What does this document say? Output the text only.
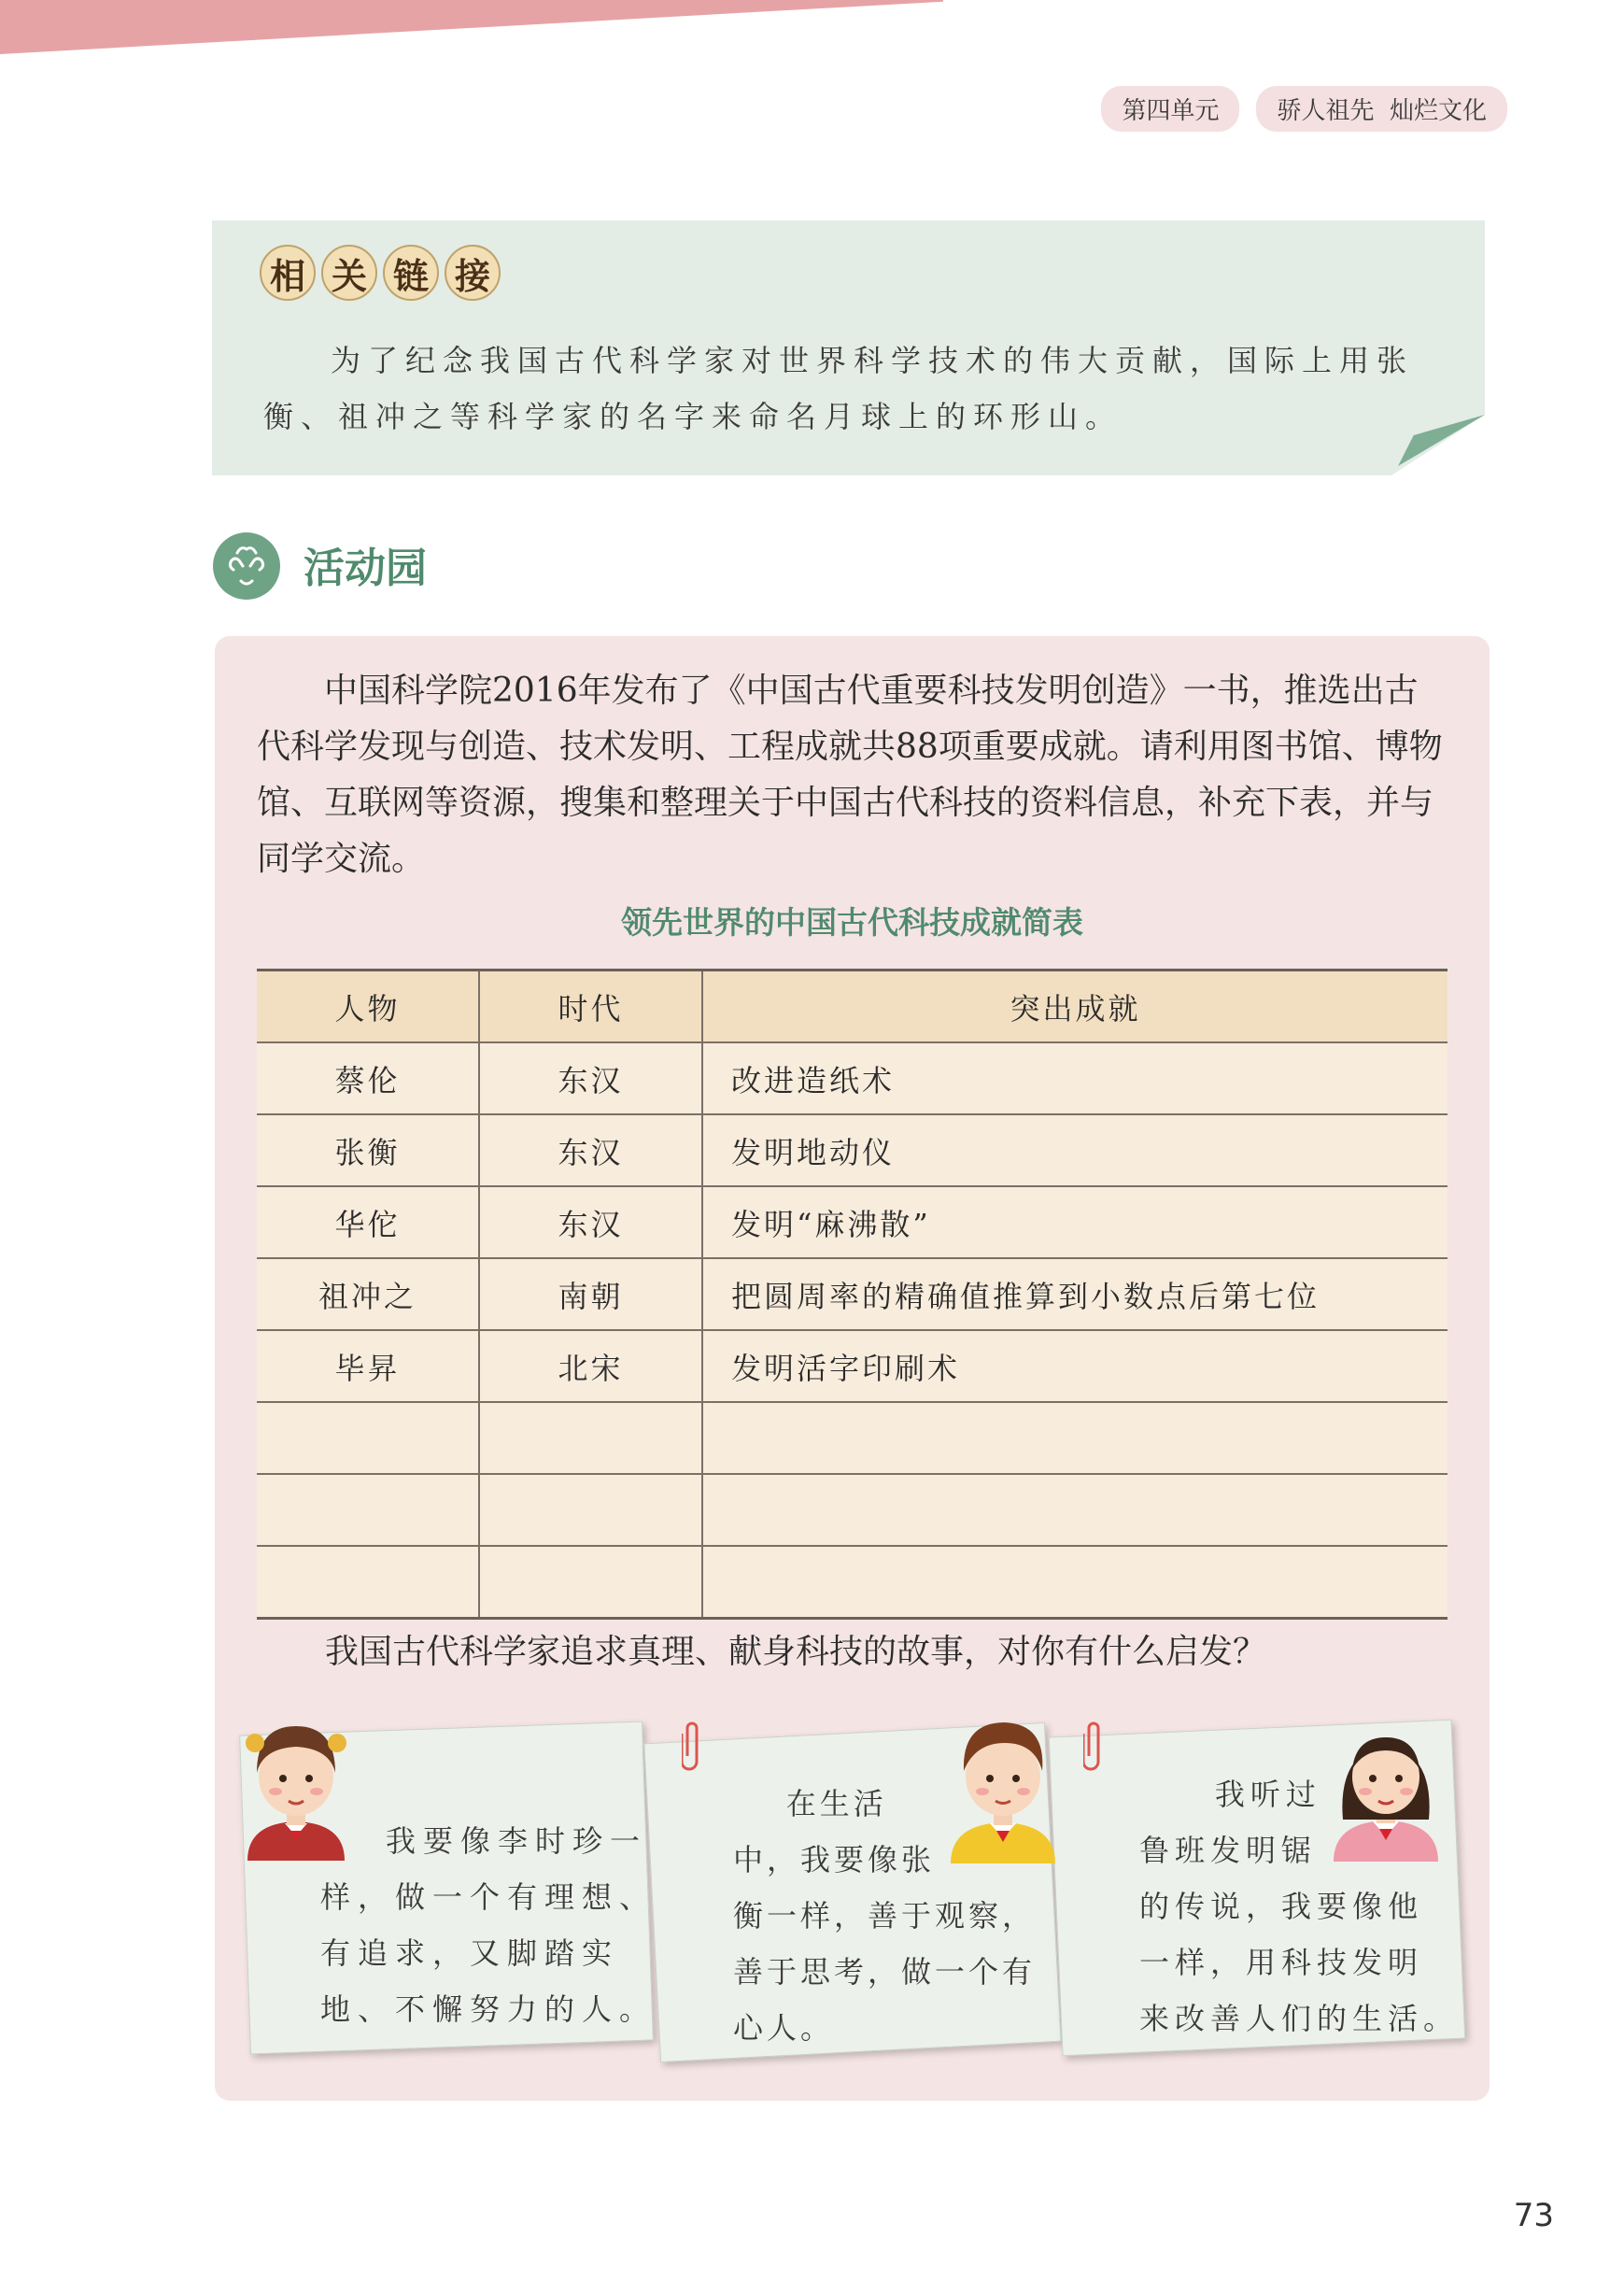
第四单元	骄人祖先  灿烂文化
相 关 链 接

为了纪念我国古代科学家对世界科学技术的伟大贡献，国际上用张衡、祖冲之等科学家的名字来命名月球上的环形山。

活动园

中国科学院2016年发布了《中国古代重要科技发明创造》一书，推选出古代科学发现与创造、技术发明、工程成就共88项重要成就。请利用图书馆、博物馆、互联网等资源，搜集和整理关于中国古代科技的资料信息，补充下表，并与同学交流。

领先世界的中国古代科技成就简表
人物	时代	突出成就
蔡伦	东汉	改进造纸术
张衡	东汉	发明地动仪
华佗	东汉	发明“麻沸散”
祖冲之	南朝	把圆周率的精确值推算到小数点后第七位
毕昇	北宋	发明活字印刷术

我国古代科学家追求真理、献身科技的故事，对你有什么启发？

我要像李时珍一
样，做一个有理想、
有追求，又脚踏实
地、不懈努力的人。
在生活
中，我要像张
衡一样，善于观察，
善于思考，做一个有
心人。
我听过
鲁班发明锯
的传说，我要像他
一样，用科技发明
来改善人们的生活。
73
